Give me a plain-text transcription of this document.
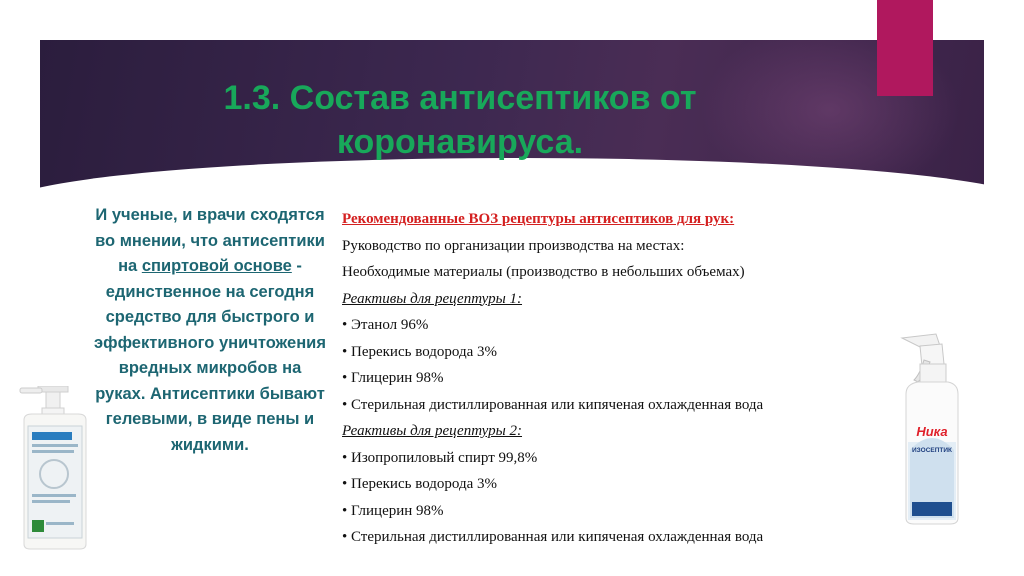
1.3. Состав антисептиков от
коронавируса.
И ученые, и врачи сходятся во мнении, что антисептики на спиртовой основе - единственное на сегодня средство для быстрого и эффективного уничтожения вредных микробов на руках. Антисептики бывают гелевыми, в виде пены и жидкими.
Рекомендованные ВОЗ рецептуры антисептиков для рук:
Руководство по организации производства на местах:
Необходимые материалы (производство в небольших объемах)
Реактивы для рецептуры 1:
• Этанол 96%
• Перекись водорода 3%
• Глицерин 98%
• Стерильная дистиллированная или кипяченая охлажденная вода
Реактивы для рецептуры 2:
• Изопропиловый спирт 99,8%
• Перекись водорода 3%
• Глицерин 98%
• Стерильная дистиллированная или кипяченая охлажденная вода
Ника
ИЗОСЕПТИК
